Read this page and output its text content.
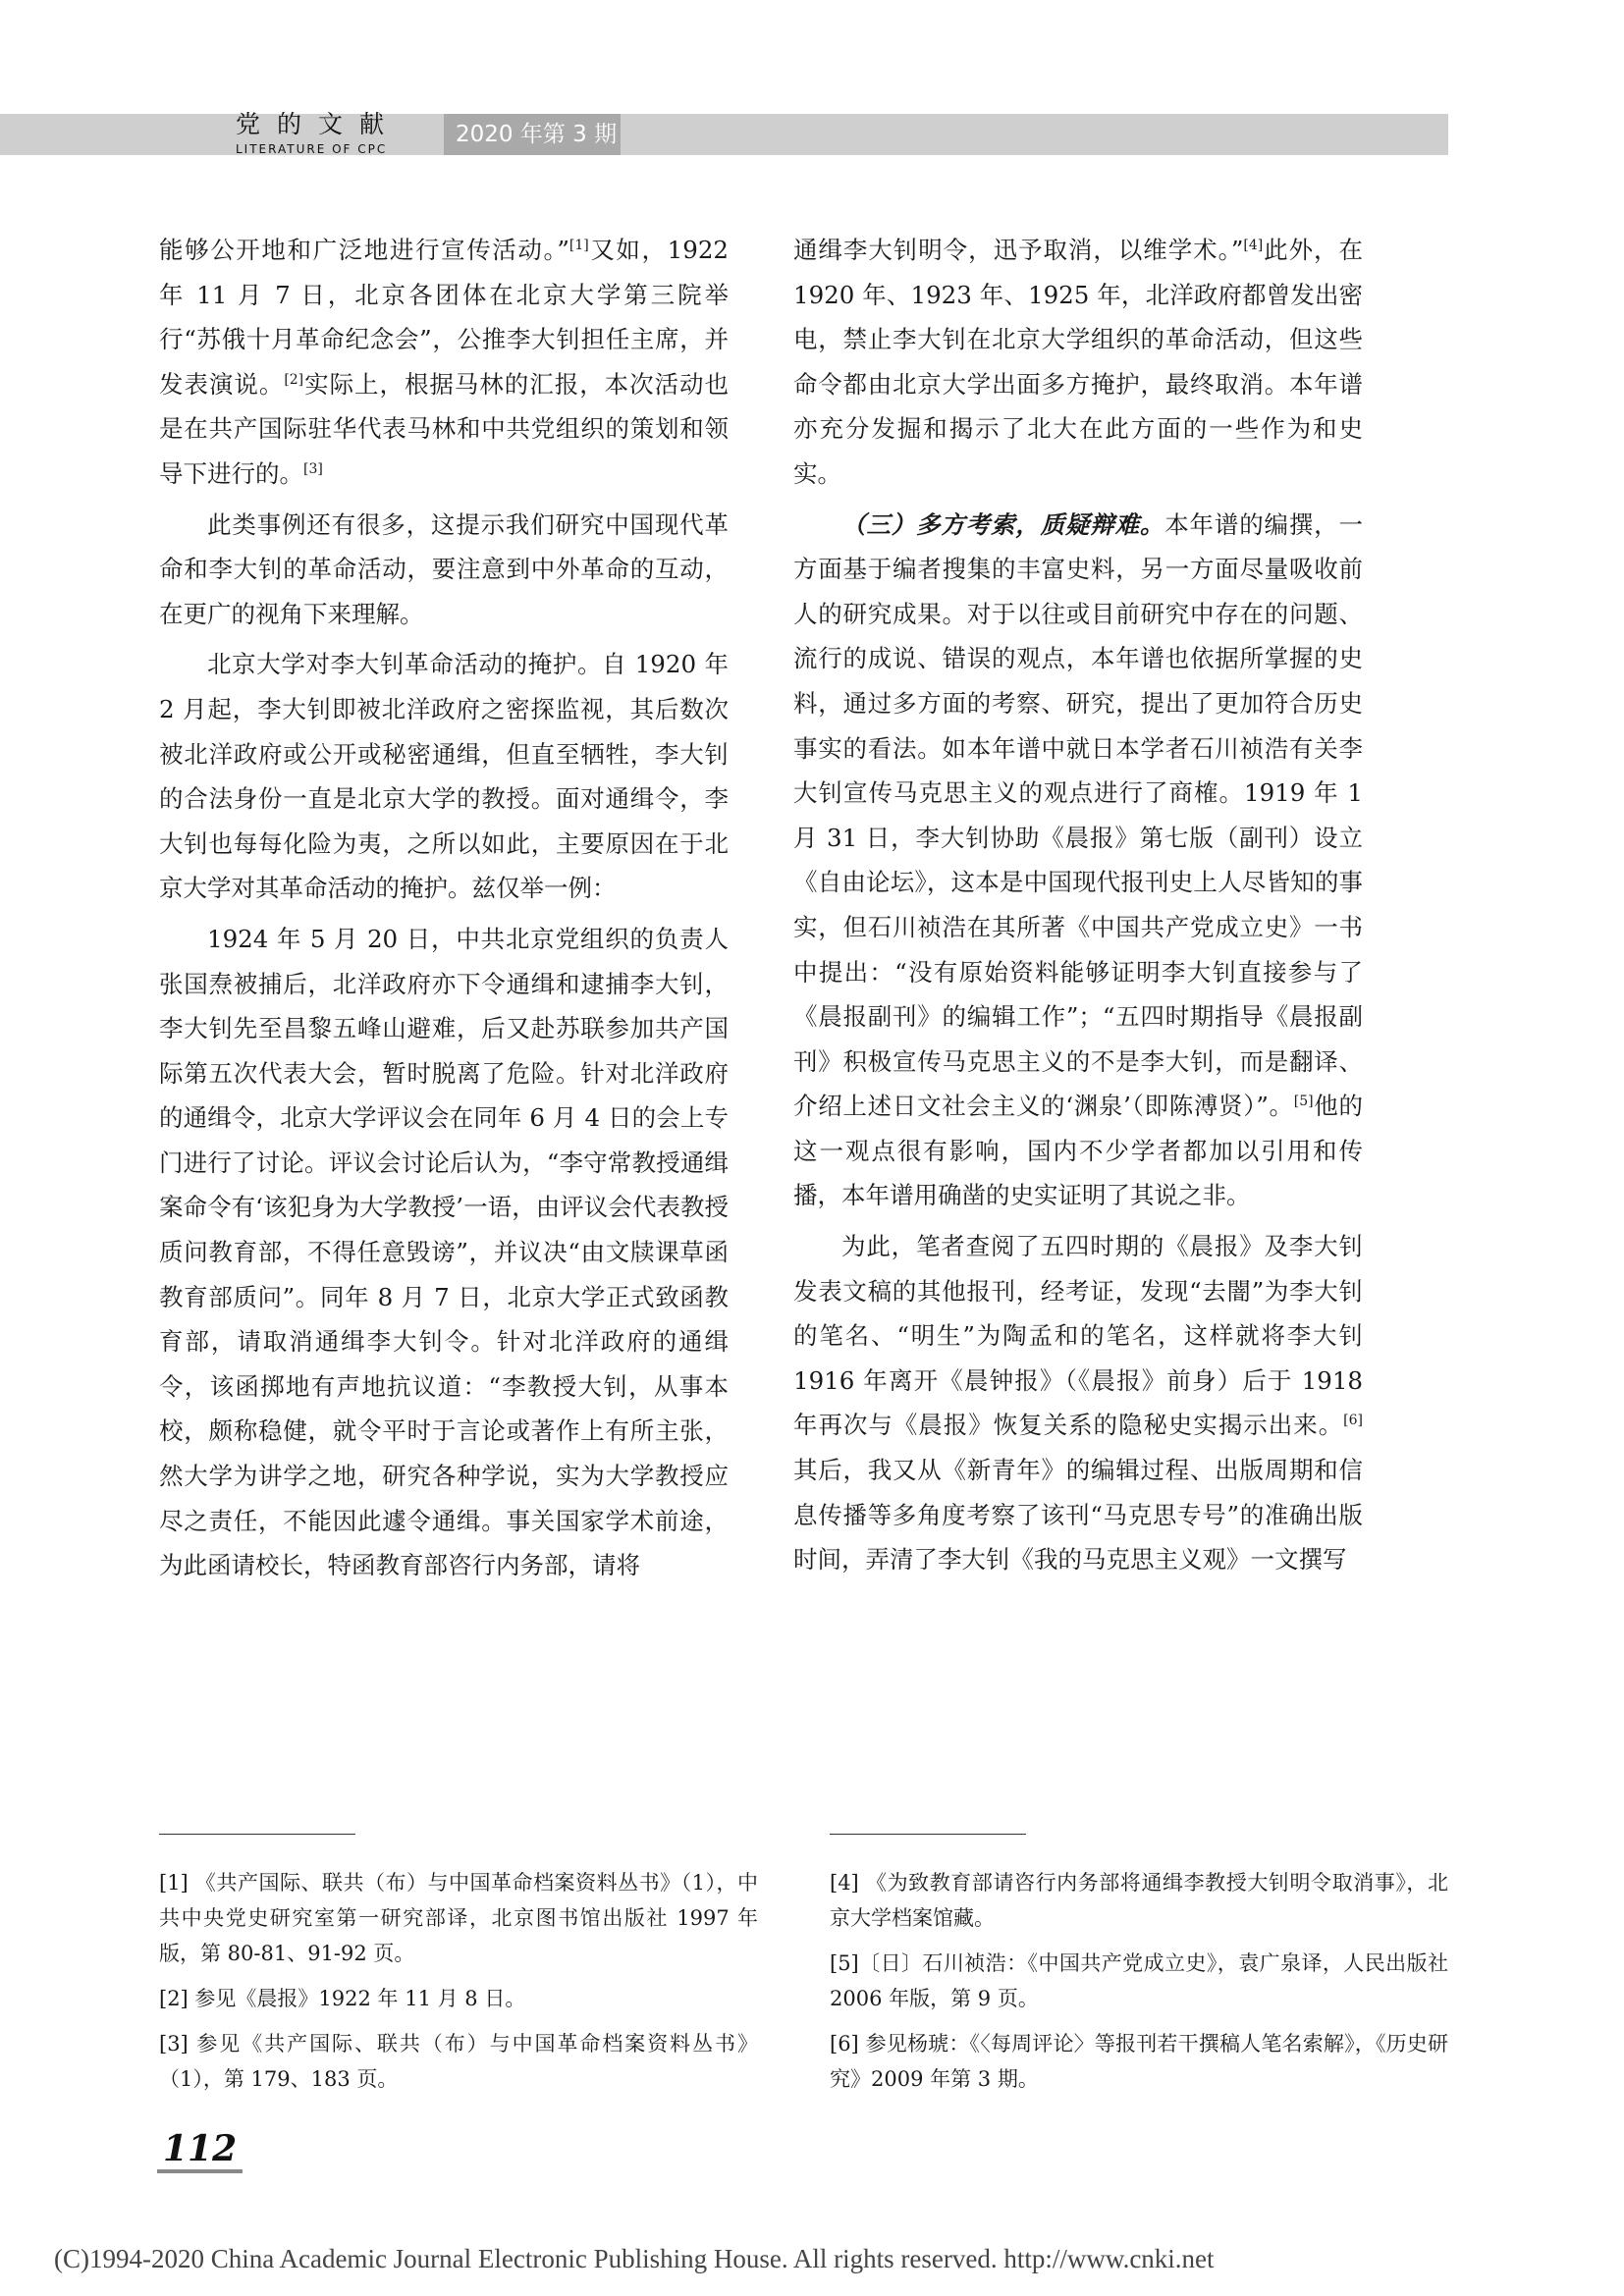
党的文献
LITERATURE OF CPC
2020 年第 3 期

能够公开地和广泛地进行宣传活动。”[1]又如，1922 年 11 月 7 日，北京各团体在北京大学第三院举行“苏俄十月革命纪念会”，公推李大钊担任主席，并发表演说。[2]实际上，根据马林的汇报，本次活动也是在共产国际驻华代表马林和中共党组织的策划和领导下进行的。[3]

此类事例还有很多，这提示我们研究中国现代革命和李大钊的革命活动，要注意到中外革命的互动，在更广的视角下来理解。

北京大学对李大钊革命活动的掩护。自 1920 年 2 月起，李大钊即被北洋政府之密探监视，其后数次被北洋政府或公开或秘密通缉，但直至牺牲，李大钊的合法身份一直是北京大学的教授。面对通缉令，李大钊也每每化险为夷，之所以如此，主要原因在于北京大学对其革命活动的掩护。兹仅举一例：

1924 年 5 月 20 日，中共北京党组织的负责人张国焘被捕后，北洋政府亦下令通缉和逮捕李大钊，李大钊先至昌黎五峰山避难，后又赴苏联参加共产国际第五次代表大会，暂时脱离了危险。针对北洋政府的通缉令，北京大学评议会在同年 6 月 4 日的会上专门进行了讨论。评议会讨论后认为，“李守常教授通缉案命令有‘该犯身为大学教授’一语，由评议会代表教授质问教育部，不得任意毁谤”，并议决“由文牍课草函教育部质问”。同年 8 月 7 日，北京大学正式致函教育部，请取消通缉李大钊令。针对北洋政府的通缉令，该函掷地有声地抗议道：“李教授大钊，从事本校，颇称稳健，就令平时于言论或著作上有所主张，然大学为讲学之地，研究各种学说，实为大学教授应尽之责任，不能因此遽令通缉。事关国家学术前途，为此函请校长，特函教育部咨行内务部，请将

通缉李大钊明令，迅予取消，以维学术。”[4]此外，在 1920 年、1923 年、1925 年，北洋政府都曾发出密电，禁止李大钊在北京大学组织的革命活动，但这些命令都由北京大学出面多方掩护，最终取消。本年谱亦充分发掘和揭示了北大在此方面的一些作为和史实。

（三）多方考索，质疑辩难。本年谱的编撰，一方面基于编者搜集的丰富史料，另一方面尽量吸收前人的研究成果。对于以往或目前研究中存在的问题、流行的成说、错误的观点，本年谱也依据所掌握的史料，通过多方面的考察、研究，提出了更加符合历史事实的看法。如本年谱中就日本学者石川祯浩有关李大钊宣传马克思主义的观点进行了商榷。1919 年 1 月 31 日，李大钊协助《晨报》第七版（副刊）设立《自由论坛》，这本是中国现代报刊史上人尽皆知的事实，但石川祯浩在其所著《中国共产党成立史》一书中提出：“没有原始资料能够证明李大钊直接参与了《晨报副刊》的编辑工作”；“五四时期指导《晨报副刊》积极宣传马克思主义的不是李大钊，而是翻译、介绍上述日文社会主义的‘渊泉’（即陈溥贤）”。[5]他的这一观点很有影响，国内不少学者都加以引用和传播，本年谱用确凿的史实证明了其说之非。

为此，笔者查阅了五四时期的《晨报》及李大钊发表文稿的其他报刊，经考证，发现“去闇”为李大钊的笔名、“明生”为陶孟和的笔名，这样就将李大钊 1916 年离开《晨钟报》（《晨报》前身）后于 1918 年再次与《晨报》恢复关系的隐秘史实揭示出来。[6]其后，我又从《新青年》的编辑过程、出版周期和信息传播等多角度考察了该刊“马克思专号”的准确出版时间，弄清了李大钊《我的马克思主义观》一文撰写

[1] 《共产国际、联共（布）与中国革命档案资料丛书》（1），中共中央党史研究室第一研究部译，北京图书馆出版社 1997 年版，第 80-81、91-92 页。

[2] 参见《晨报》1922 年 11 月 8 日。

[3] 参见《共产国际、联共（布）与中国革命档案资料丛书》（1），第 179、183 页。

[4] 《为致教育部请咨行内务部将通缉李教授大钊明令取消事》，北京大学档案馆藏。

[5]〔日〕石川祯浩：《中国共产党成立史》，袁广泉译，人民出版社 2006 年版，第 9 页。

[6] 参见杨琥：《〈每周评论〉等报刊若干撰稿人笔名索解》，《历史研究》2009 年第 3 期。

112
(C)1994-2020 China Academic Journal Electronic Publishing House. All rights reserved. http://www.cnki.net
